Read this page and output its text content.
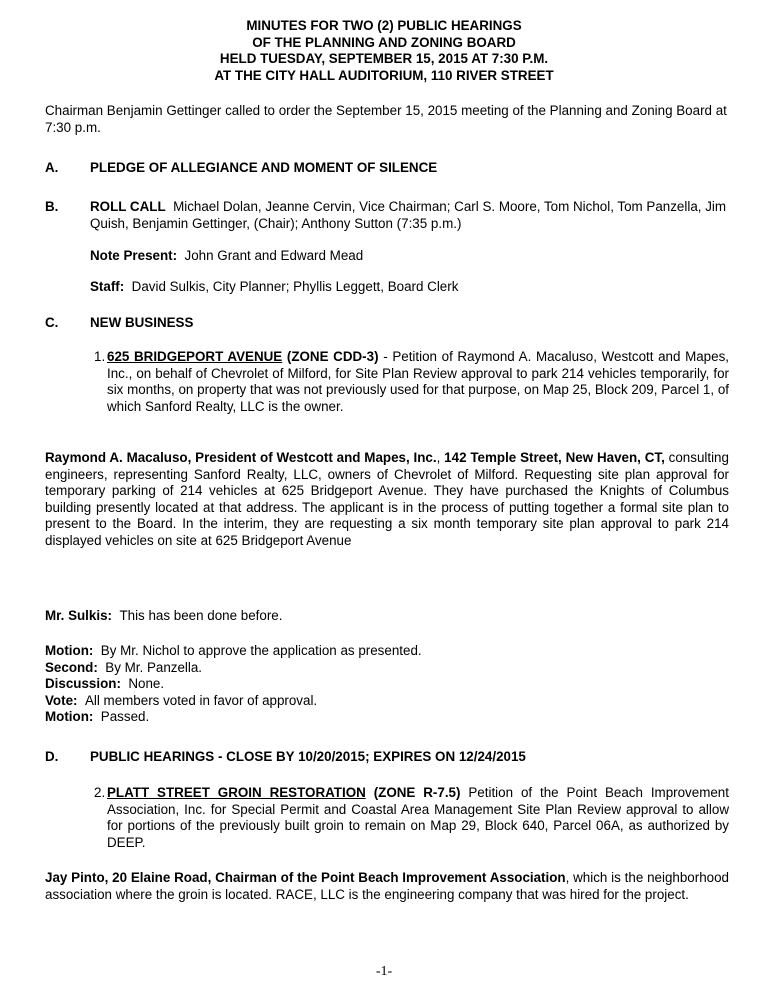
MINUTES FOR TWO (2) PUBLIC HEARINGS
OF THE PLANNING AND ZONING BOARD
HELD TUESDAY, SEPTEMBER 15, 2015 AT 7:30 P.M.
AT THE CITY HALL AUDITORIUM, 110 RIVER STREET
Chairman Benjamin Gettinger called to order the September 15, 2015 meeting of the Planning and Zoning Board at 7:30 p.m.
A. PLEDGE OF ALLEGIANCE AND MOMENT OF SILENCE
B. ROLL CALL Michael Dolan, Jeanne Cervin, Vice Chairman; Carl S. Moore, Tom Nichol, Tom Panzella, Jim Quish, Benjamin Gettinger, (Chair); Anthony Sutton (7:35 p.m.)
Note Present: John Grant and Edward Mead
Staff: David Sulkis, City Planner; Phyllis Leggett, Board Clerk
C. NEW BUSINESS
1. 625 BRIDGEPORT AVENUE (ZONE CDD-3) - Petition of Raymond A. Macaluso, Westcott and Mapes, Inc., on behalf of Chevrolet of Milford, for Site Plan Review approval to park 214 vehicles temporarily, for six months, on property that was not previously used for that purpose, on Map 25, Block 209, Parcel 1, of which Sanford Realty, LLC is the owner.
Raymond A. Macaluso, President of Westcott and Mapes, Inc., 142 Temple Street, New Haven, CT, consulting engineers, representing Sanford Realty, LLC, owners of Chevrolet of Milford. Requesting site plan approval for temporary parking of 214 vehicles at 625 Bridgeport Avenue. They have purchased the Knights of Columbus building presently located at that address. The applicant is in the process of putting together a formal site plan to present to the Board. In the interim, they are requesting a six month temporary site plan approval to park 214 displayed vehicles on site at 625 Bridgeport Avenue
Mr. Sulkis: This has been done before.
Motion: By Mr. Nichol to approve the application as presented.
Second: By Mr. Panzella.
Discussion: None.
Vote: All members voted in favor of approval.
Motion: Passed.
D. PUBLIC HEARINGS - CLOSE BY 10/20/2015; EXPIRES ON 12/24/2015
2. PLATT STREET GROIN RESTORATION (ZONE R-7.5) Petition of the Point Beach Improvement Association, Inc. for Special Permit and Coastal Area Management Site Plan Review approval to allow for portions of the previously built groin to remain on Map 29, Block 640, Parcel 06A, as authorized by DEEP.
Jay Pinto, 20 Elaine Road, Chairman of the Point Beach Improvement Association, which is the neighborhood association where the groin is located. RACE, LLC is the engineering company that was hired for the project.
-1-
